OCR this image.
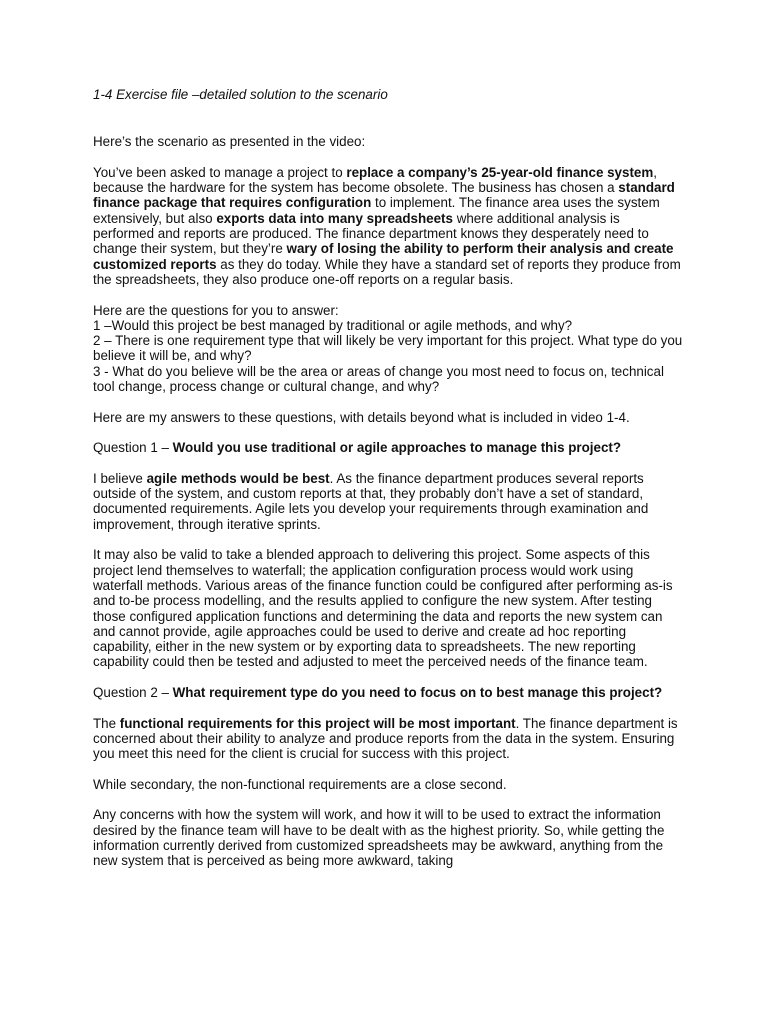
1-4 Exercise file –detailed solution to the scenario

Here’s the scenario as presented in the video:

You’ve been asked to manage a project to replace a company’s 25-year-old finance system, because the hardware for the system has become obsolete. The business has chosen a standard finance package that requires configuration to implement. The finance area uses the system extensively, but also exports data into many spreadsheets where additional analysis is performed and reports are produced. The finance department knows they desperately need to change their system, but they’re wary of losing the ability to perform their analysis and create customized reports as they do today. While they have a standard set of reports they produce from the spreadsheets, they also produce one-off reports on a regular basis.

Here are the questions for you to answer:
1 –Would this project be best managed by traditional or agile methods, and why?
2 – There is one requirement type that will likely be very important for this project. What type do you believe it will be, and why?
3 - What do you believe will be the area or areas of change you most need to focus on, technical tool change, process change or cultural change, and why?

Here are my answers to these questions, with details beyond what is included in video 1-4.

Question 1 – Would you use traditional or agile approaches to manage this project?

I believe agile methods would be best. As the finance department produces several reports outside of the system, and custom reports at that, they probably don’t have a set of standard, documented requirements. Agile lets you develop your requirements through examination and improvement, through iterative sprints.

It may also be valid to take a blended approach to delivering this project. Some aspects of this project lend themselves to waterfall; the application configuration process would work using waterfall methods. Various areas of the finance function could be configured after performing as-is and to-be process modelling, and the results applied to configure the new system. After testing those configured application functions and determining the data and reports the new system can and cannot provide, agile approaches could be used to derive and create ad hoc reporting capability, either in the new system or by exporting data to spreadsheets. The new reporting capability could then be tested and adjusted to meet the perceived needs of the finance team.

Question 2 – What requirement type do you need to focus on to best manage this project?

The functional requirements for this project will be most important. The finance department is concerned about their ability to analyze and produce reports from the data in the system. Ensuring you meet this need for the client is crucial for success with this project.

While secondary, the non-functional requirements are a close second.

Any concerns with how the system will work, and how it will to be used to extract the information desired by the finance team will have to be dealt with as the highest priority. So, while getting the information currently derived from customized spreadsheets may be awkward, anything from the new system that is perceived as being more awkward, taking
